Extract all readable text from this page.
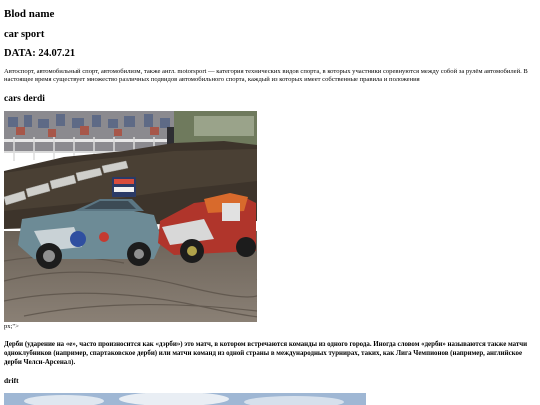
Blod name
car sport
DATA: 24.07.21

Автоспорт, автомобильный спорт, автомобилизм, также англ. motorsport — категория технических видов спорта, в которых участники соревнуются между собой за рулём автомобилей. В настоящее время существует множество различных подвидов автомобильного спорта, каждый из которых имеет собственные правила и положения

cars derdi

px;">

Дерби (ударение на «е», часто произносится как «дэрби») это матч, в котором встречаются команды из одного города. Иногда словом «дерби» называются также матчи одноклубников (например, спартаковское дерби) или матчи команд из одной страны в международных турнирах, таких, как Лига Чемпионов (например, английское дерби Челси-Арсенал).

drift
